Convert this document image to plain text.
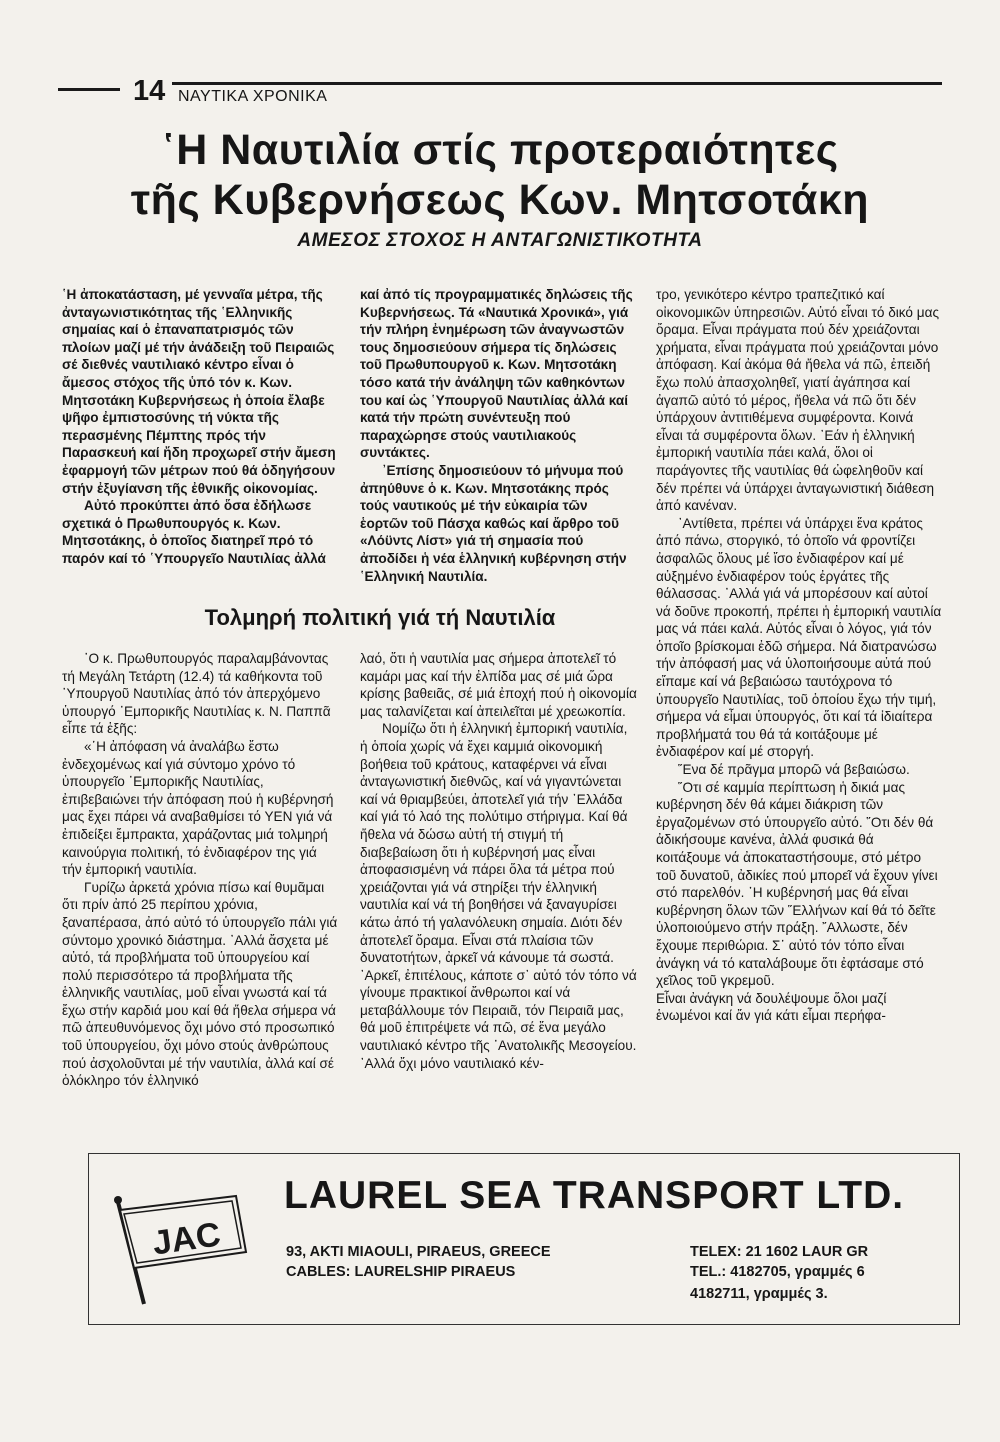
14 ΝΑΥΤΙΚΑ ΧΡΟΝΙΚΑ
῾Η Ναυτιλία στίς προτεραιότητες
τῆς Κυβερνήσεως Κων. Μητσοτάκη
ΑΜΕΣΟΣ ΣΤΟΧΟΣ Η ΑΝΤΑΓΩΝΙΣΤΙΚΟΤΗΤΑ

῾Η ἀποκατάσταση, μέ γενναῖα μέτρα, τῆς ἀνταγωνιστικότητας τῆς ῾Ελληνικῆς σημαίας καί ὁ ἐπαναπατρισμός τῶν πλοίων μαζί μέ τήν ἀνάδειξη τοῦ Πειραιῶς σέ διεθνές ναυτιλιακό κέντρο εἶναι ὁ ἄμεσος στόχος τῆς ὑπό τόν κ. Κων. Μητσοτάκη Κυβερνήσεως ἡ ὁποία ἔλαβε ψῆφο ἐμπιστοσύνης τή νύκτα τῆς περασμένης Πέμπτης πρός τήν Παρασκευή καί ἤδη προχωρεῖ στήν ἄμεση ἐφαρμογή τῶν μέτρων πού θά ὁδηγήσουν στήν ἐξυγίανση τῆς ἐθνικῆς οἰκονομίας.

Αὐτό προκύπτει ἀπό ὅσα ἐδήλωσε σχετικά ὁ Πρωθυπουργός κ. Κων. Μητσοτάκης, ὁ ὁποῖος διατηρεῖ πρό τό παρόν καί τό ῾Υπουργεῖο Ναυτιλίας ἀλλά

καί ἀπό τίς προγραμματικές δηλώσεις τῆς Κυβερνήσεως. Τά «Ναυτικά Χρονικά», γιά τήν πλήρη ἐνημέρωση τῶν ἀναγνωστῶν τους δημοσιεύουν σήμερα τίς δηλώσεις τοῦ Πρωθυπουργοῦ κ. Κων. Μητσοτάκη τόσο κατά τήν ἀνάληψη τῶν καθηκόντων του καί ὡς ῾Υπουργοῦ Ναυτιλίας ἀλλά καί κατά τήν πρώτη συνέντευξη πού παραχώρησε στούς ναυτιλιακούς συντάκτες.

᾿Επίσης δημοσιεύουν τό μήνυμα πού ἀπηύθυνε ὁ κ. Κων. Μητσοτάκης πρός τούς ναυτικούς μέ τήν εὐκαιρία τῶν ἑορτῶν τοῦ Πάσχα καθώς καί ἄρθρο τοῦ «Λόϋντς Λίστ» γιά τή σημασία πού ἀποδίδει ἡ νέα ἑλληνική κυβέρνηση στήν ῾Ελληνική Ναυτιλία.

Τολμηρή πολιτική γιά τή Ναυτιλία

῾Ο κ. Πρωθυπουργός παραλαμβάνοντας τή Μεγάλη Τετάρτη (12.4) τά καθήκοντα τοῦ ῾Υπουργοῦ Ναυτιλίας ἀπό τόν ἀπερχόμενο ὑπουργό ᾿Εμπορικῆς Ναυτιλίας κ. Ν. Παππᾶ εἶπε τά ἑξῆς:

«῾Η ἀπόφαση νά ἀναλάβω ἔστω ἐνδεχομένως καί γιά σύντομο χρόνο τό ὑπουργεῖο ᾿Εμπορικῆς Ναυτιλίας, ἐπιβεβαιώνει τήν ἀπόφαση πού ἡ κυβέρνησή μας ἔχει πάρει νά αναβαθμίσει τό ΥΕΝ γιά νά ἐπιδείξει ἔμπρακτα, χαράζοντας μιά τολμηρή καινούργια πολιτική, τό ἐνδιαφέρον της γιά τήν ἐμπορική ναυτιλία.

Γυρίζω ἀρκετά χρόνια πίσω καί θυμᾶμαι ὅτι πρίν ἀπό 25 περίπου χρόνια, ξαναπέρασα, ἀπό αὐτό τό ὑπουργεῖο πάλι γιά σύντομο χρονικό διάστημα. ᾿Αλλά ἄσχετα μέ αὐτό, τά προβλήματα τοῦ ὑπουργείου καί πολύ περισσότερο τά προβλήματα τῆς ἑλληνικῆς ναυτιλίας, μοῦ εἶναι γνωστά καί τά ἔχω στήν καρδιά μου καί θά ἤθελα σήμερα νά πῶ ἀπευθυνόμενος ὄχι μόνο στό προσωπικό τοῦ ὑπουργείου, ὄχι μόνο στούς ἀνθρώπους πού ἀσχολοῦνται μέ τήν ναυτιλία, ἀλλά καί σέ ὁλόκληρο τόν ἑλληνικό

λαό, ὅτι ἡ ναυτιλία μας σήμερα ἀποτελεῖ τό καμάρι μας καί τήν ἐλπίδα μας σέ μιά ὥρα κρίσης βαθειᾶς, σέ μιά ἐποχή πού ἡ οἰκονομία μας ταλανίζεται καί ἀπειλεῖται μέ χρεωκοπία.

Νομίζω ὅτι ἡ ἑλληνική ἐμπορική ναυτιλία, ἡ ὁποία χωρίς νά ἔχει καμμιά οἰκονομική βοήθεια τοῦ κράτους, καταφέρνει νά εἶναι ἀνταγωνιστική διεθνῶς, καί νά γιγαντώνεται καί νά θριαμβεύει, ἀποτελεῖ γιά τήν ᾿Ελλάδα καί γιά τό λαό της πολύτιμο στήριγμα. Καί θά ἤθελα νά δώσω αὐτή τή στιγμή τή διαβεβαίωση ὅτι ἡ κυβέρνησή μας εἶναι ἀποφασισμένη νά πάρει ὅλα τά μέτρα πού χρειάζονται γιά νά στηρίξει τήν ἑλληνική ναυτιλία καί νά τή βοηθήσει νά ξαναγυρίσει κάτω ἀπό τή γαλανόλευκη σημαία. Διότι δέν ἀποτελεῖ ὄραμα. Εἶναι στά πλαίσια τῶν δυνατοτήτων, ἀρκεῖ νά κάνουμε τά σωστά. ᾿Αρκεῖ, ἐπιτέλους, κάποτε σ᾿ αὐτό τόν τόπο νά γίνουμε πρακτικοί ἄνθρωποι καί νά μεταβάλλουμε τόν Πειραιᾶ, τόν Πειραιᾶ μας, θά μοῦ ἐπιτρέψετε νά πῶ, σέ ἕνα μεγάλο ναυτιλιακό κέντρο τῆς ᾿Ανατολικῆς Μεσογείου. ᾿Αλλά ὄχι μόνο ναυτιλιακό κέν-

τρο, γενικότερο κέντρο τραπεζιτικό καί οἰκονομικῶν ὑπηρεσιῶν. Αὐτό εἶναι τό δικό μας ὄραμα. Εἶναι πράγματα πού δέν χρειάζονται χρήματα, εἶναι πράγματα πού χρειάζονται μόνο ἀπόφαση. Καί ἀκόμα θά ἤθελα νά πῶ, ἐπειδή ἔχω πολύ ἀπασχοληθεῖ, γιατί ἀγάπησα καί ἀγαπῶ αὐτό τό μέρος, ἤθελα νά πῶ ὅτι δέν ὑπάρχουν ἀντιτιθέμενα συμφέροντα. Κοινά εἶναι τά συμφέροντα ὅλων. ᾿Εάν ἡ ἑλληνική ἐμπορική ναυτιλία πάει καλά, ὅλοι οἱ παράγοντες τῆς ναυτιλίας θά ὠφεληθοῦν καί δέν πρέπει νά ὑπάρχει ἀνταγωνιστική διάθεση ἀπό κανέναν.

᾿Αντίθετα, πρέπει νά ὑπάρχει ἕνα κράτος ἀπό πάνω, στοργικό, τό ὁποῖο νά φροντίζει ἀσφαλῶς ὅλους μέ ἴσο ἐνδιαφέρον καί μέ αὐξημένο ἐνδιαφέρον τούς ἐργάτες τῆς θάλασσας. ᾿Αλλά γιά νά μπορέσουν καί αὐτοί νά δοῦνε προκοπή, πρέπει ἡ ἐμπορική ναυτιλία μας νά πάει καλά. Αὐτός εἶναι ὁ λόγος, γιά τόν ὁποῖο βρίσκομαι ἐδῶ σήμερα. Νά διατρανώσω τήν ἀπόφασή μας νά ὑλοποιήσουμε αὐτά πού εἴπαμε καί νά βεβαιώσω ταυτόχρονα τό ὑπουργεῖο Ναυτιλίας, τοῦ ὁποίου ἔχω τήν τιμή, σήμερα νά εἶμαι ὑπουργός, ὅτι καί τά ἰδιαίτερα προβλήματά του θά τά κοιτάξουμε μέ ἐνδιαφέρον καί μέ στοργή.

῞Ενα δέ πρᾶγμα μπορῶ νά βεβαιώσω.

῞Οτι σέ καμμία περίπτωση ἡ δικιά μας κυβέρνηση δέν θά κάμει διάκριση τῶν ἐργαζομένων στό ὑπουργεῖο αὐτό. ῞Οτι δέν θά ἀδικήσουμε κανένα, ἀλλά φυσικά θά κοιτάξουμε νά ἀποκαταστήσουμε, στό μέτρο τοῦ δυνατοῦ, ἀδικίες πού μπορεῖ νά ἔχουν γίνει στό παρελθόν. ῾Η κυβέρνησή μας θά εἶναι κυβέρνηση ὅλων τῶν ῞Ελλήνων καί θά τό δεῖτε ὑλοποιούμενο στήν πράξη. ῎Αλλωστε, δέν ἔχουμε περιθώρια. Σ᾿ αὐτό τόν τόπο εἶναι ἀνάγκη νά τό καταλάβουμε ὅτι ἐφτάσαμε στό χεῖλος τοῦ γκρεμοῦ.

Εἶναι ἀνάγκη νά δουλέψουμε ὅλοι μαζί ἑνωμένοι καί ἄν γιά κάτι εἶμαι περήφα-

JAC
LAUREL SEA TRANSPORT LTD.
93, AKTI MIAOULI, PIRAEUS, GREECE
CABLES: LAURELSHIP PIRAEUS
TELEX: 21 1602 LAUR GR
TEL.: 4182705, γραμμές 6
4182711, γραμμές 3.
